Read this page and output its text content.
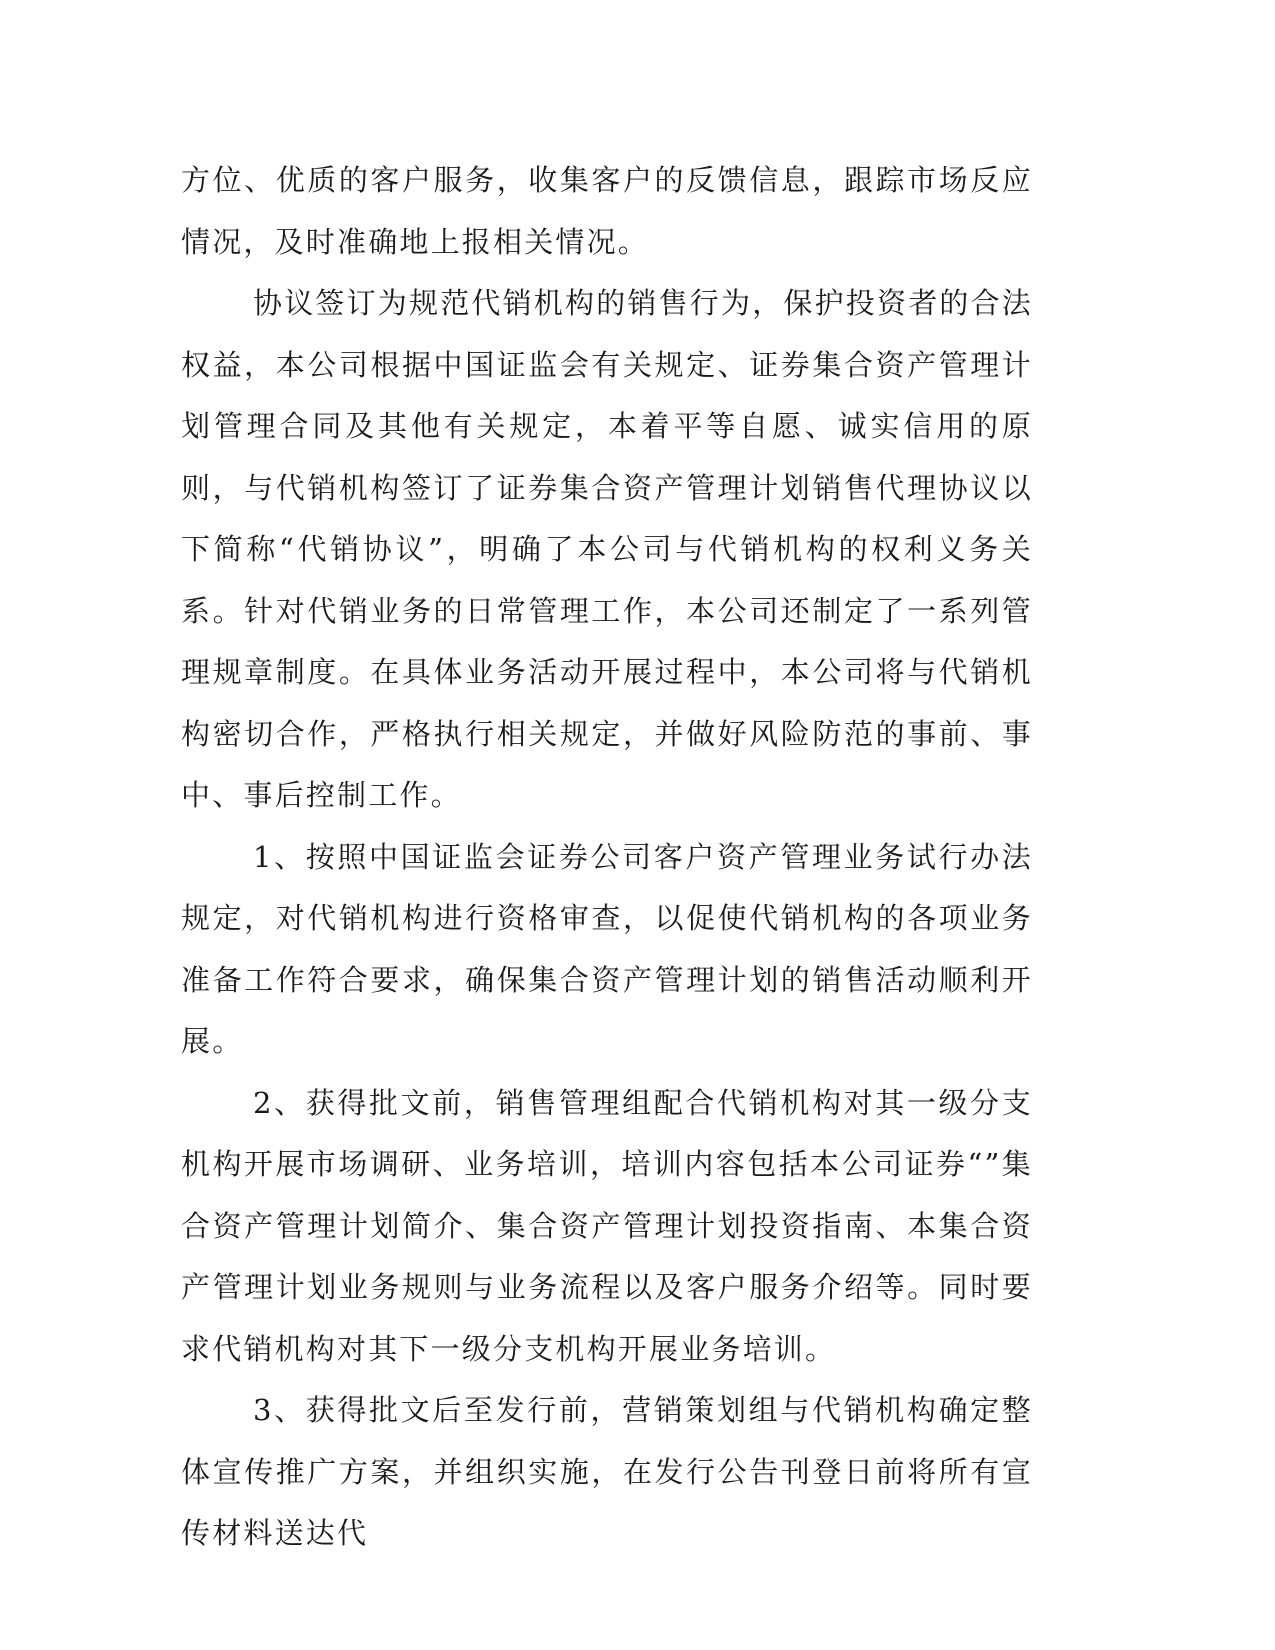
方位、优质的客户服务，收集客户的反馈信息，跟踪市场反应情况，及时准确地上报相关情况。

协议签订为规范代销机构的销售行为，保护投资者的合法权益，本公司根据中国证监会有关规定、证券集合资产管理计划管理合同及其他有关规定，本着平等自愿、诚实信用的原则，与代销机构签订了证券集合资产管理计划销售代理协议以下简称“代销协议”，明确了本公司与代销机构的权利义务关系。针对代销业务的日常管理工作，本公司还制定了一系列管理规章制度。在具体业务活动开展过程中，本公司将与代销机构密切合作，严格执行相关规定，并做好风险防范的事前、事中、事后控制工作。

1、按照中国证监会证券公司客户资产管理业务试行办法规定，对代销机构进行资格审查，以促使代销机构的各项业务准备工作符合要求，确保集合资产管理计划的销售活动顺利开展。

2、获得批文前，销售管理组配合代销机构对其一级分支机构开展市场调研、业务培训，培训内容包括本公司证券“”集合资产管理计划简介、集合资产管理计划投资指南、本集合资产管理计划业务规则与业务流程以及客户服务介绍等。同时要求代销机构对其下一级分支机构开展业务培训。

3、获得批文后至发行前，营销策划组与代销机构确定整体宣传推广方案，并组织实施，在发行公告刊登日前将所有宣传材料送达代
